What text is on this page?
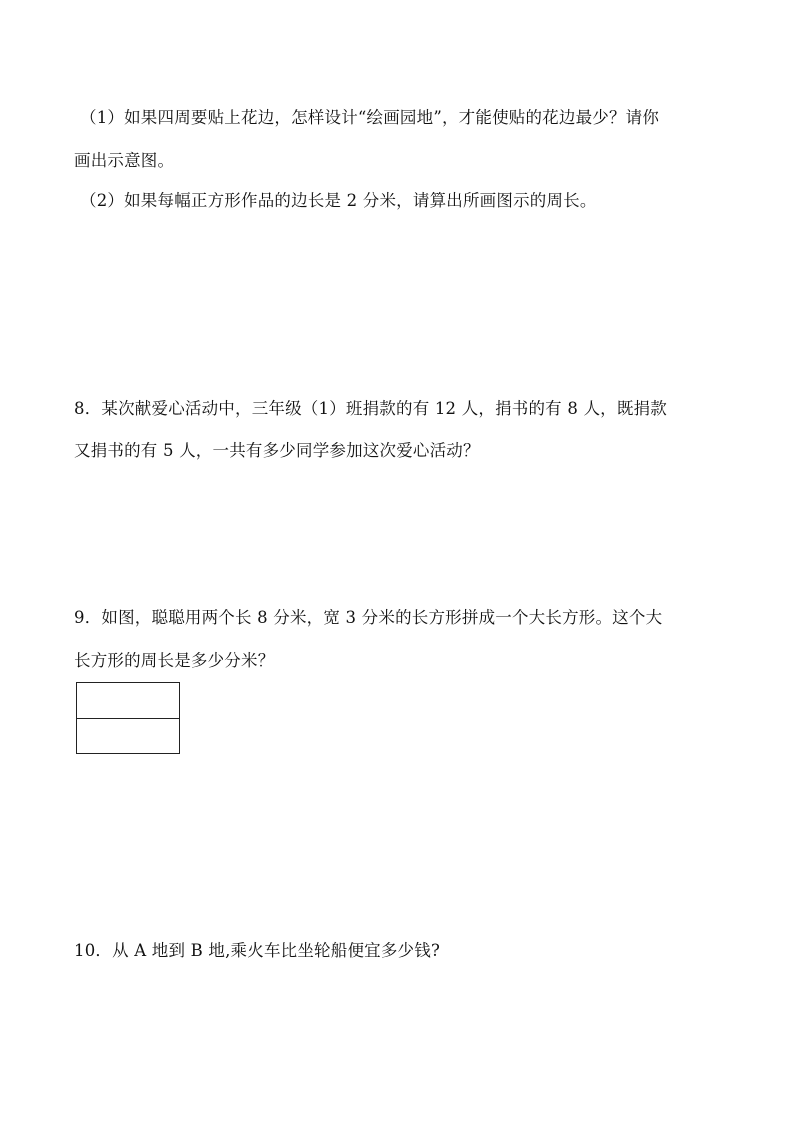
（1）如果四周要贴上花边，怎样设计“绘画园地”，才能使贴的花边最少？请你
画出示意图。
（2）如果每幅正方形作品的边长是 2 分米，请算出所画图示的周长。
8．某次献爱心活动中，三年级（1）班捐款的有 12 人，捐书的有 8 人，既捐款
又捐书的有 5 人，一共有多少同学参加这次爱心活动？
9．如图，聪聪用两个长 8 分米，宽 3 分米的长方形拼成一个大长方形。这个大
长方形的周长是多少分米？
10．从 A 地到 B 地,乘火车比坐轮船便宜多少钱?
